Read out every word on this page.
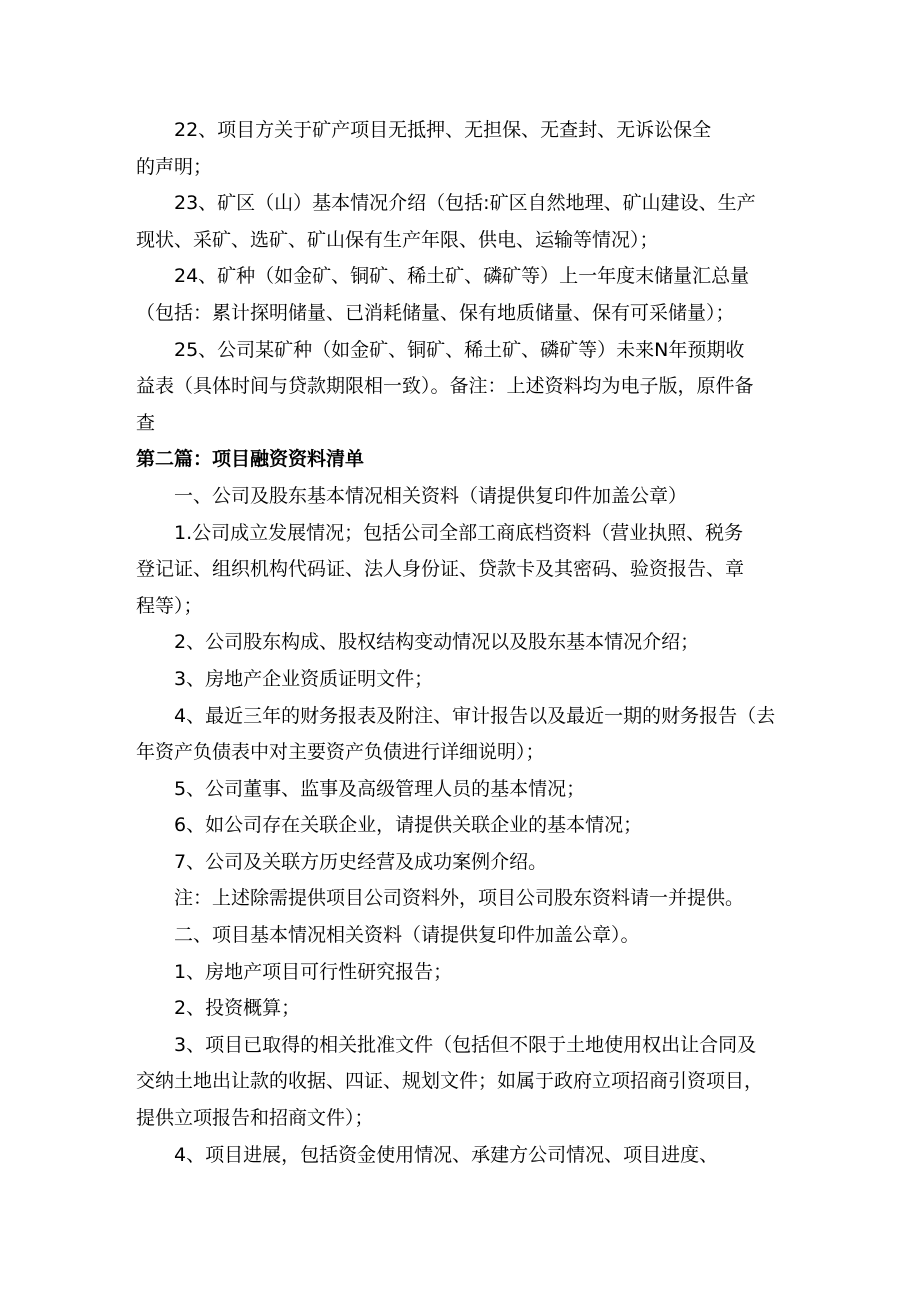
22、项目方关于矿产项目无抵押、无担保、无查封、无诉讼保全
的声明；
23、矿区（山）基本情况介绍（包括:矿区自然地理、矿山建设、生产
现状、采矿、选矿、矿山保有生产年限、供电、运输等情况）；
24、矿种（如金矿、铜矿、稀土矿、磷矿等）上一年度末储量汇总量
（包括：累计探明储量、已消耗储量、保有地质储量、保有可采储量）；
25、公司某矿种（如金矿、铜矿、稀土矿、磷矿等）未来N年预期收
益表（具体时间与贷款期限相一致）。备注：上述资料均为电子版，原件备
查
第二篇：项目融资资料清单
一、公司及股东基本情况相关资料（请提供复印件加盖公章）
1.公司成立发展情况；包括公司全部工商底档资料（营业执照、税务
登记证、组织机构代码证、法人身份证、贷款卡及其密码、验资报告、章
程等）；
2、公司股东构成、股权结构变动情况以及股东基本情况介绍；
3、房地产企业资质证明文件；
4、最近三年的财务报表及附注、审计报告以及最近一期的财务报告（去
年资产负债表中对主要资产负债进行详细说明）；
5、公司董事、监事及高级管理人员的基本情况；
6、如公司存在关联企业，请提供关联企业的基本情况；
7、公司及关联方历史经营及成功案例介绍。
注：上述除需提供项目公司资料外，项目公司股东资料请一并提供。
二、项目基本情况相关资料（请提供复印件加盖公章）。
1、房地产项目可行性研究报告；
2、投资概算；
3、项目已取得的相关批准文件（包括但不限于土地使用权出让合同及
交纳土地出让款的收据、四证、规划文件；如属于政府立项招商引资项目，
提供立项报告和招商文件）；
4、项目进展，包括资金使用情况、承建方公司情况、项目进度、
